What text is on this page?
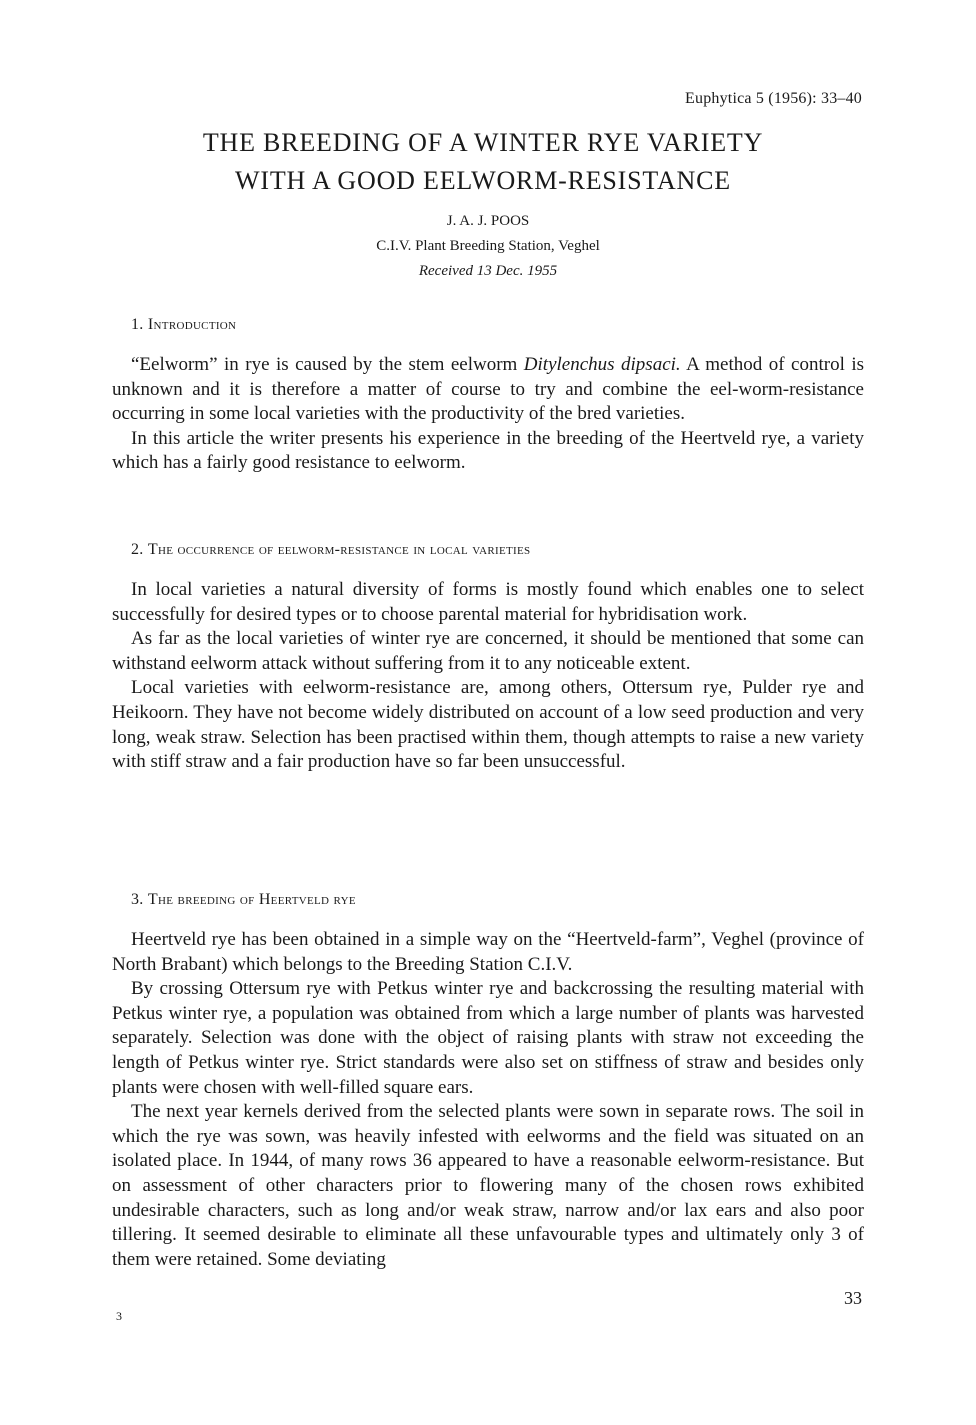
Euphytica 5 (1956): 33–40
THE BREEDING OF A WINTER RYE VARIETY
WITH A GOOD EELWORM-RESISTANCE
J. A. J. POOS
C.I.V. Plant Breeding Station, Veghel
Received 13 Dec. 1955
1. Introduction

“Eelworm” in rye is caused by the stem eelworm Ditylenchus dipsaci. A method of control is unknown and it is therefore a matter of course to try and combine the eel-worm-resistance occurring in some local varieties with the productivity of the bred varieties.

In this article the writer presents his experience in the breeding of the Heertveld rye, a variety which has a fairly good resistance to eelworm.

2. The occurrence of eelworm-resistance in local varieties

In local varieties a natural diversity of forms is mostly found which enables one to select successfully for desired types or to choose parental material for hybridisation work.

As far as the local varieties of winter rye are concerned, it should be mentioned that some can withstand eelworm attack without suffering from it to any noticeable extent.

Local varieties with eelworm-resistance are, among others, Ottersum rye, Pulder rye and Heikoorn. They have not become widely distributed on account of a low seed production and very long, weak straw. Selection has been practised within them, though attempts to raise a new variety with stiff straw and a fair production have so far been unsuccessful.

3. The breeding of Heertveld rye

Heertveld rye has been obtained in a simple way on the “Heertveld-farm”, Veghel (province of North Brabant) which belongs to the Breeding Station C.I.V.

By crossing Ottersum rye with Petkus winter rye and backcrossing the resulting material with Petkus winter rye, a population was obtained from which a large number of plants was harvested separately. Selection was done with the object of raising plants with straw not exceeding the length of Petkus winter rye. Strict standards were also set on stiffness of straw and besides only plants were chosen with well-filled square ears.

The next year kernels derived from the selected plants were sown in separate rows. The soil in which the rye was sown, was heavily infested with eelworms and the field was situated on an isolated place. In 1944, of many rows 36 appeared to have a reasonable eelworm-resistance. But on assessment of other characters prior to flowering many of the chosen rows exhibited undesirable characters, such as long and/or weak straw, narrow and/or lax ears and also poor tillering. It seemed desirable to eliminate all these unfavourable types and ultimately only 3 of them were retained. Some deviating

33
3
